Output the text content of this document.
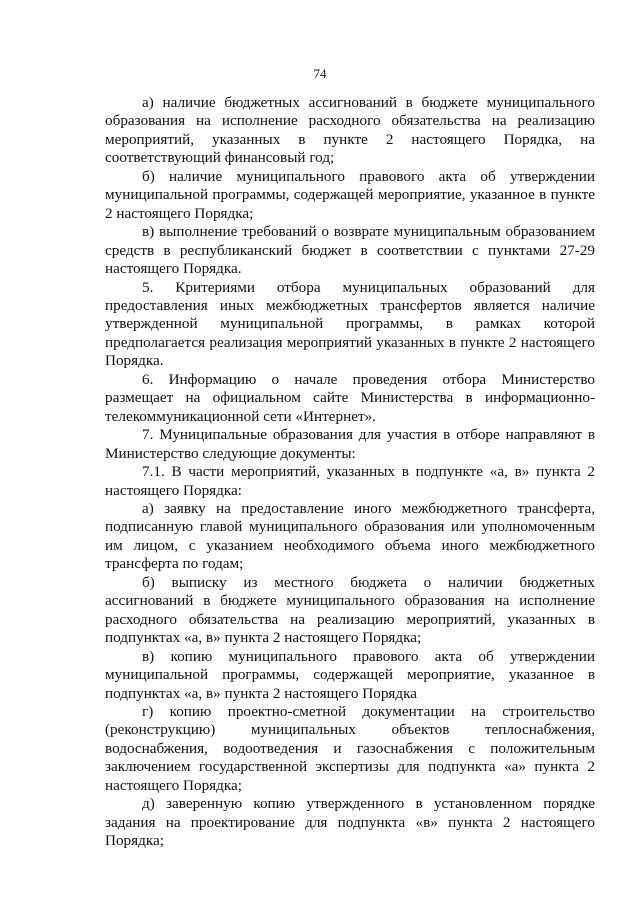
74

а) наличие бюджетных ассигнований в бюджете муниципального образования на исполнение расходного обязательства на реализацию мероприятий, указанных в пункте 2 настоящего Порядка, на соответствующий финансовый год;

б) наличие муниципального правового акта об утверждении муниципальной программы, содержащей мероприятие, указанное в пункте 2 настоящего Порядка;

в) выполнение требований о возврате муниципальным образованием средств в республиканский бюджет в соответствии с пунктами 27-29 настоящего Порядка.

5. Критериями отбора муниципальных образований для предоставления иных межбюджетных трансфертов является наличие утвержденной муниципальной программы, в рамках которой предполагается реализация мероприятий указанных в пункте 2 настоящего Порядка.

6. Информацию о начале проведения отбора Министерство размещает на официальном сайте Министерства в информационно-телекоммуникационной сети «Интернет».

7. Муниципальные образования для участия в отборе направляют в Министерство следующие документы:

7.1. В части мероприятий, указанных в подпункте «а, в» пункта 2 настоящего Порядка:

а) заявку на предоставление иного межбюджетного трансферта, подписанную главой муниципального образования или уполномоченным им лицом, с указанием необходимого объема иного межбюджетного трансферта по годам;

б) выписку из местного бюджета о наличии бюджетных ассигнований в бюджете муниципального образования на исполнение расходного обязательства на реализацию мероприятий, указанных в подпунктах «а, в» пункта 2 настоящего Порядка;

в) копию муниципального правового акта об утверждении муниципальной программы, содержащей мероприятие, указанное в подпунктах «а, в» пункта 2 настоящего Порядка

г) копию проектно-сметной документации на строительство (реконструкцию) муниципальных объектов теплоснабжения, водоснабжения, водоотведения и газоснабжения с положительным заключением государственной экспертизы для подпункта «а» пункта 2 настоящего Порядка;

д) заверенную копию утвержденного в установленном порядке задания на проектирование для подпункта «в» пункта 2 настоящего Порядка;
